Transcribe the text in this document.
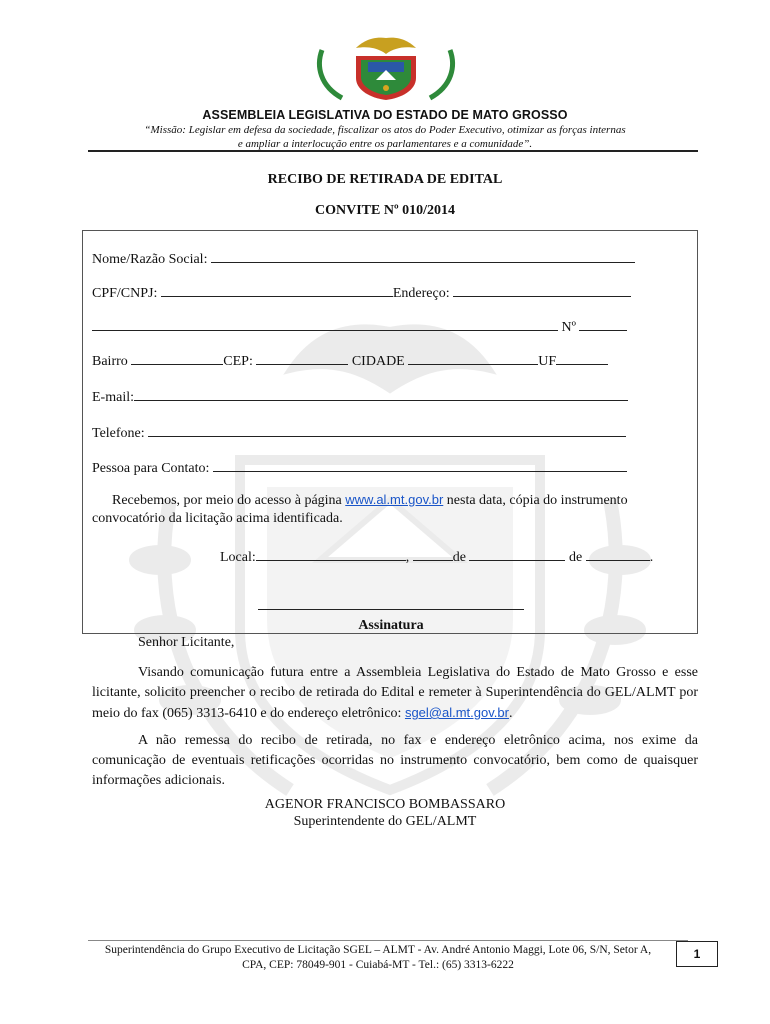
ASSEMBLEIA LEGISLATIVA DO ESTADO DE MATO GROSSO
“Missão: Legislar em defesa da sociedade, fiscalizar os atos do Poder Executivo, otimizar as forças internas
e ampliar a interlocução entre os parlamentares e a comunidade”.
RECIBO DE RETIRADA DE EDITAL
CONVITE Nº 010/2014
Nome/Razão Social:
CPF/CNPJ:	Endereço:
Nº
Bairro	CEP:	CIDADE	UF
E-mail:
Telefone:
Pessoa para Contato:
Recebemos, por meio do acesso à página www.al.mt.gov.br nesta data, cópia do instrumento
convocatório da licitação acima identificada.
Local:	,	de	de	.
Assinatura
Senhor Licitante,
Visando comunicação futura entre a Assembleia Legislativa do Estado de Mato Grosso e esse licitante, solicito preencher o recibo de retirada do Edital e remeter à Superintendência do GEL/ALMT por meio do fax (065) 3313-6410 e do endereço eletrônico: sgel@al.mt.gov.br.
A não remessa do recibo de retirada, no fax e endereço eletrônico acima, nos exime da comunicação de eventuais retificações ocorridas no instrumento convocatório, bem como de quaisquer informações adicionais.
AGENOR FRANCISCO BOMBASSARO
Superintendente do GEL/ALMT
Superintendência do Grupo Executivo de Licitação SGEL – ALMT - Av. André Antonio Maggi, Lote 06, S/N, Setor A,
CPA, CEP: 78049-901 - Cuiabá-MT - Tel.: (65) 3313-6222
1
